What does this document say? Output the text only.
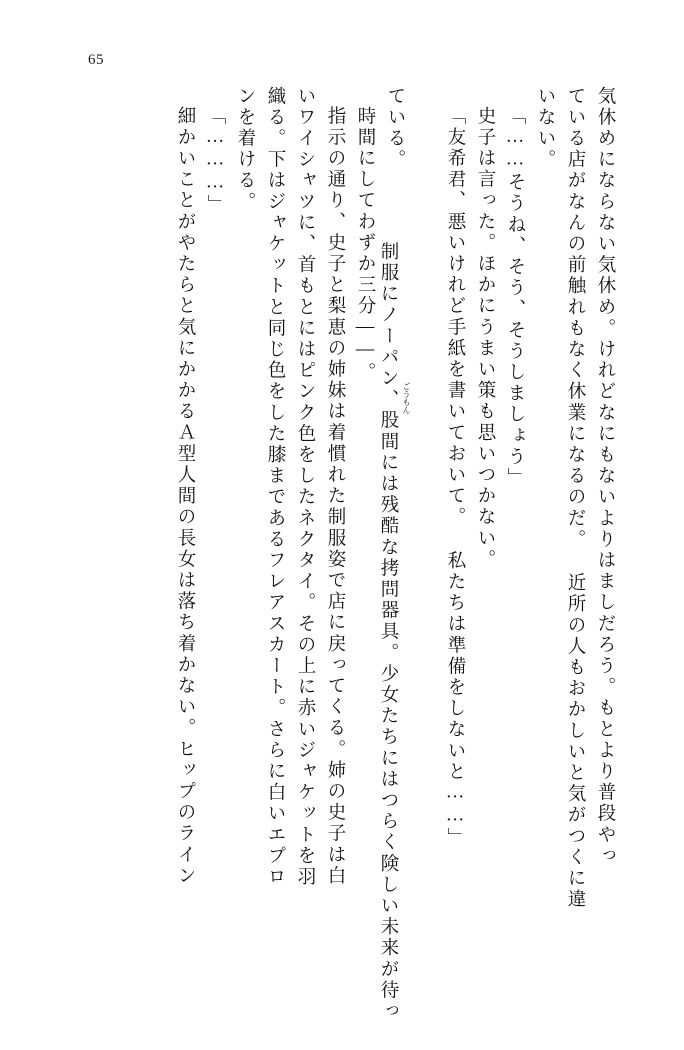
65
気休めにならない気休め。けれどなにもないよりはましだろう。もとより普段やっ
ている店がなんの前触れもなく休業になるのだ。 近所の人もおかしいと気がつくに違
いない。
「……そうね、そう、そうしましょう」
史子は言った。ほかにうまい策も思いつかない。
「友希君、悪いけれど手紙を書いておいて。 私たちは準備をしないと……」

ごうもん

制服にノーパン、股間には残酷な拷問器具。少女たちにはつらく険しい未来が待っ

ている。
時間にしてわずか三分――。
指示の通り、史子と梨恵の姉妹は着慣れた制服姿で店に戻ってくる。姉の史子は白
いワイシャツに、首もとにはピンク色をしたネクタイ。その上に赤いジャケットを羽
織る。下はジャケットと同じ色をした膝まであるフレアスカート。さらに白いエプロ
ンを着ける。
「………」
細かいことがやたらと気にかかるＡ型人間の長女は落ち着かない。ヒップのライン
